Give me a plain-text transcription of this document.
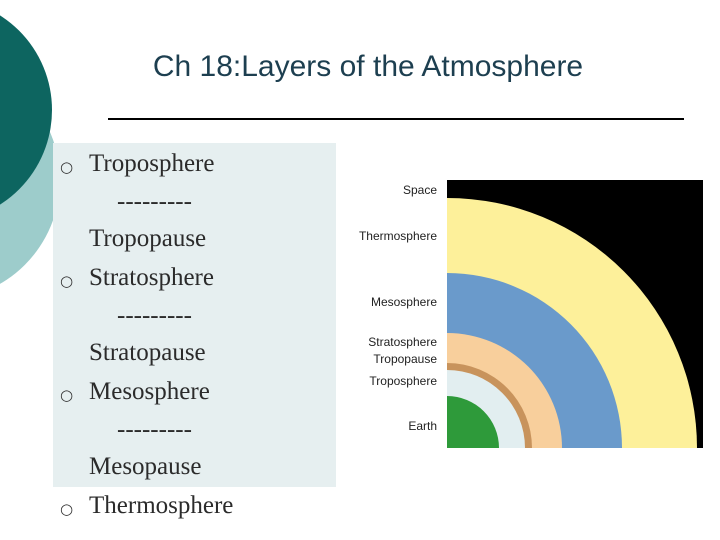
Ch 18:Layers of the Atmosphere
○ Troposphere
---------
Tropopause
○ Stratosphere
---------
Stratopause
○ Mesosphere
---------
Mesopause
○ Thermosphere
Space
Thermosphere
Mesosphere
Stratosphere
Tropopause
Troposphere
Earth
